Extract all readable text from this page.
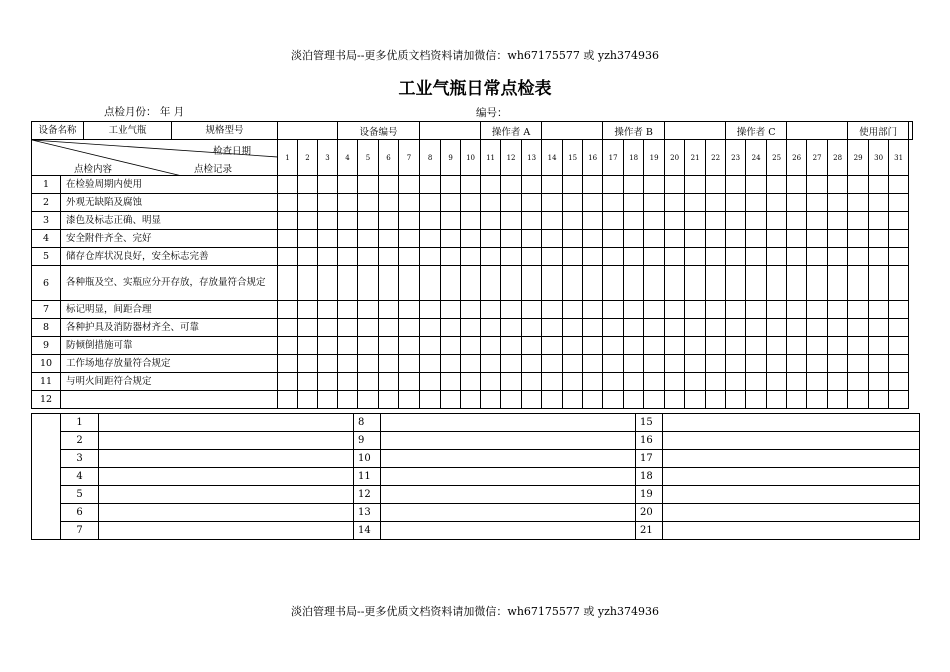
淡泊管理书局--更多优质文档资料请加微信：wh67175577 或 yzh374936
工业气瓶日常点检表
点检月份： 年 月	编号：
设备名称 工业气瓶 规格型号					设备编号							操作者 A						操作者 B						操作者 C						使用部门			

检查日期
点检内容 点检记录		1	2	3	4	5	6	7	8	9	10	11	12	13	14	15	16	17	18	19	20	21	22	23	24	25	26	27	28	29	30	31	
1	在检验周期内使用																																
2	外观无缺陷及腐蚀																																
3	漆色及标志正确、明显																																
4	安全附件齐全、完好																																
5	储存仓库状况良好，安全标志完善																																
6	各种瓶及空、实瓶应分开存放，存放量符合规定																																
7	标记明显，间距合理																																
8	各种护具及消防器材齐全、可靠																																
9	防倾倒措施可靠																																
10	工作场地存放量符合规定																																
11	与明火间距符合规定																																
12																																	
	1		8		15	
	2		9		16	
	3		10		17	
	4		11		18	
	5		12		19	
	6		13		20	
	7		14		21	
淡泊管理书局--更多优质文档资料请加微信：wh67175577 或 yzh374936
